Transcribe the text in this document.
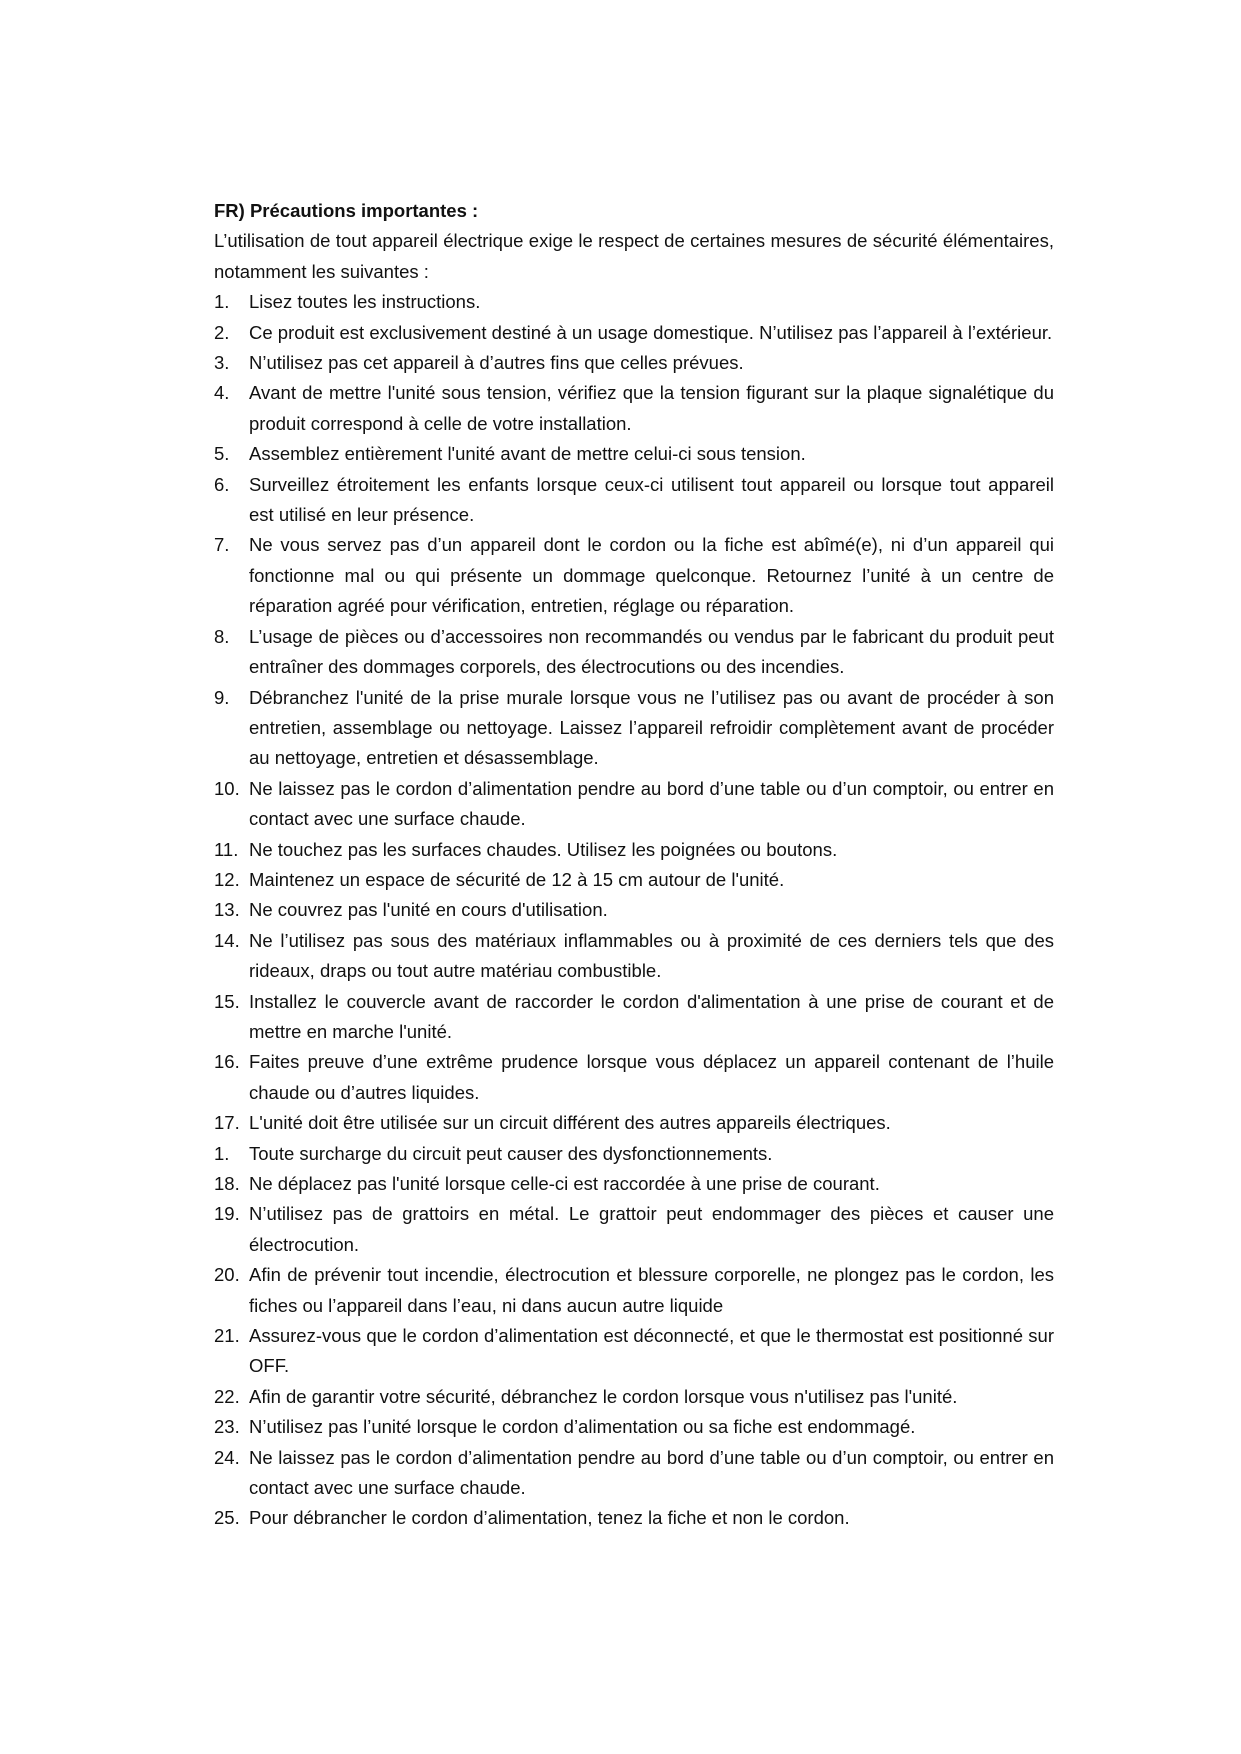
FR) Précautions importantes :

L’utilisation de tout appareil électrique exige le respect de certaines mesures de sécurité élémentaires, notamment les suivantes :

1. Lisez toutes les instructions.
2. Ce produit est exclusivement destiné à un usage domestique. N’utilisez pas l’appareil à l’extérieur.
3. N’utilisez pas cet appareil à d’autres fins que celles prévues.
4. Avant de mettre l'unité sous tension, vérifiez que la tension figurant sur la plaque signalétique du produit correspond à celle de votre installation.
5. Assemblez entièrement l'unité avant de mettre celui-ci sous tension.
6. Surveillez étroitement les enfants lorsque ceux-ci utilisent tout appareil ou lorsque tout appareil est utilisé en leur présence.
7. Ne vous servez pas d’un appareil dont le cordon ou la fiche est abîmé(e), ni d’un appareil qui fonctionne mal ou qui présente un dommage quelconque. Retournez l’unité à un centre de réparation agréé pour vérification, entretien, réglage ou réparation.
8. L’usage de pièces ou d’accessoires non recommandés ou vendus par le fabricant du produit peut entraîner des dommages corporels, des électrocutions ou des incendies.
9. Débranchez l'unité de la prise murale lorsque vous ne l’utilisez pas ou avant de procéder à son entretien, assemblage ou nettoyage. Laissez l’appareil refroidir complètement avant de procéder au nettoyage, entretien et désassemblage.
10. Ne laissez pas le cordon d’alimentation pendre au bord d’une table ou d’un comptoir, ou entrer en contact avec une surface chaude.
11. Ne touchez pas les surfaces chaudes. Utilisez les poignées ou boutons.
12. Maintenez un espace de sécurité de 12 à 15 cm autour de l'unité.
13. Ne couvrez pas l'unité en cours d'utilisation.
14. Ne l’utilisez pas sous des matériaux inflammables ou à proximité de ces derniers tels que des rideaux, draps ou tout autre matériau combustible.
15. Installez le couvercle avant de raccorder le cordon d'alimentation à une prise de courant et de mettre en marche l'unité.
16. Faites preuve d’une extrême prudence lorsque vous déplacez un appareil contenant de l’huile chaude ou d’autres liquides.
17. L'unité doit être utilisée sur un circuit différent des autres appareils électriques.
1. Toute surcharge du circuit peut causer des dysfonctionnements.
18. Ne déplacez pas l'unité lorsque celle-ci est raccordée à une prise de courant.
19. N’utilisez pas de grattoirs en métal. Le grattoir peut endommager des pièces et causer une électrocution.
20. Afin de prévenir tout incendie, électrocution et blessure corporelle, ne plongez pas le cordon, les fiches ou l’appareil dans l’eau, ni dans aucun autre liquide
21. Assurez-vous que le cordon d’alimentation est déconnecté, et que le thermostat est positionné sur OFF.
22. Afin de garantir votre sécurité, débranchez le cordon lorsque vous n'utilisez pas l'unité.
23. N’utilisez pas l’unité lorsque le cordon d’alimentation ou sa fiche est endommagé.
24. Ne laissez pas le cordon d’alimentation pendre au bord d’une table ou d’un comptoir, ou entrer en contact avec une surface chaude.
25. Pour débrancher le cordon d’alimentation, tenez la fiche et non le cordon.
